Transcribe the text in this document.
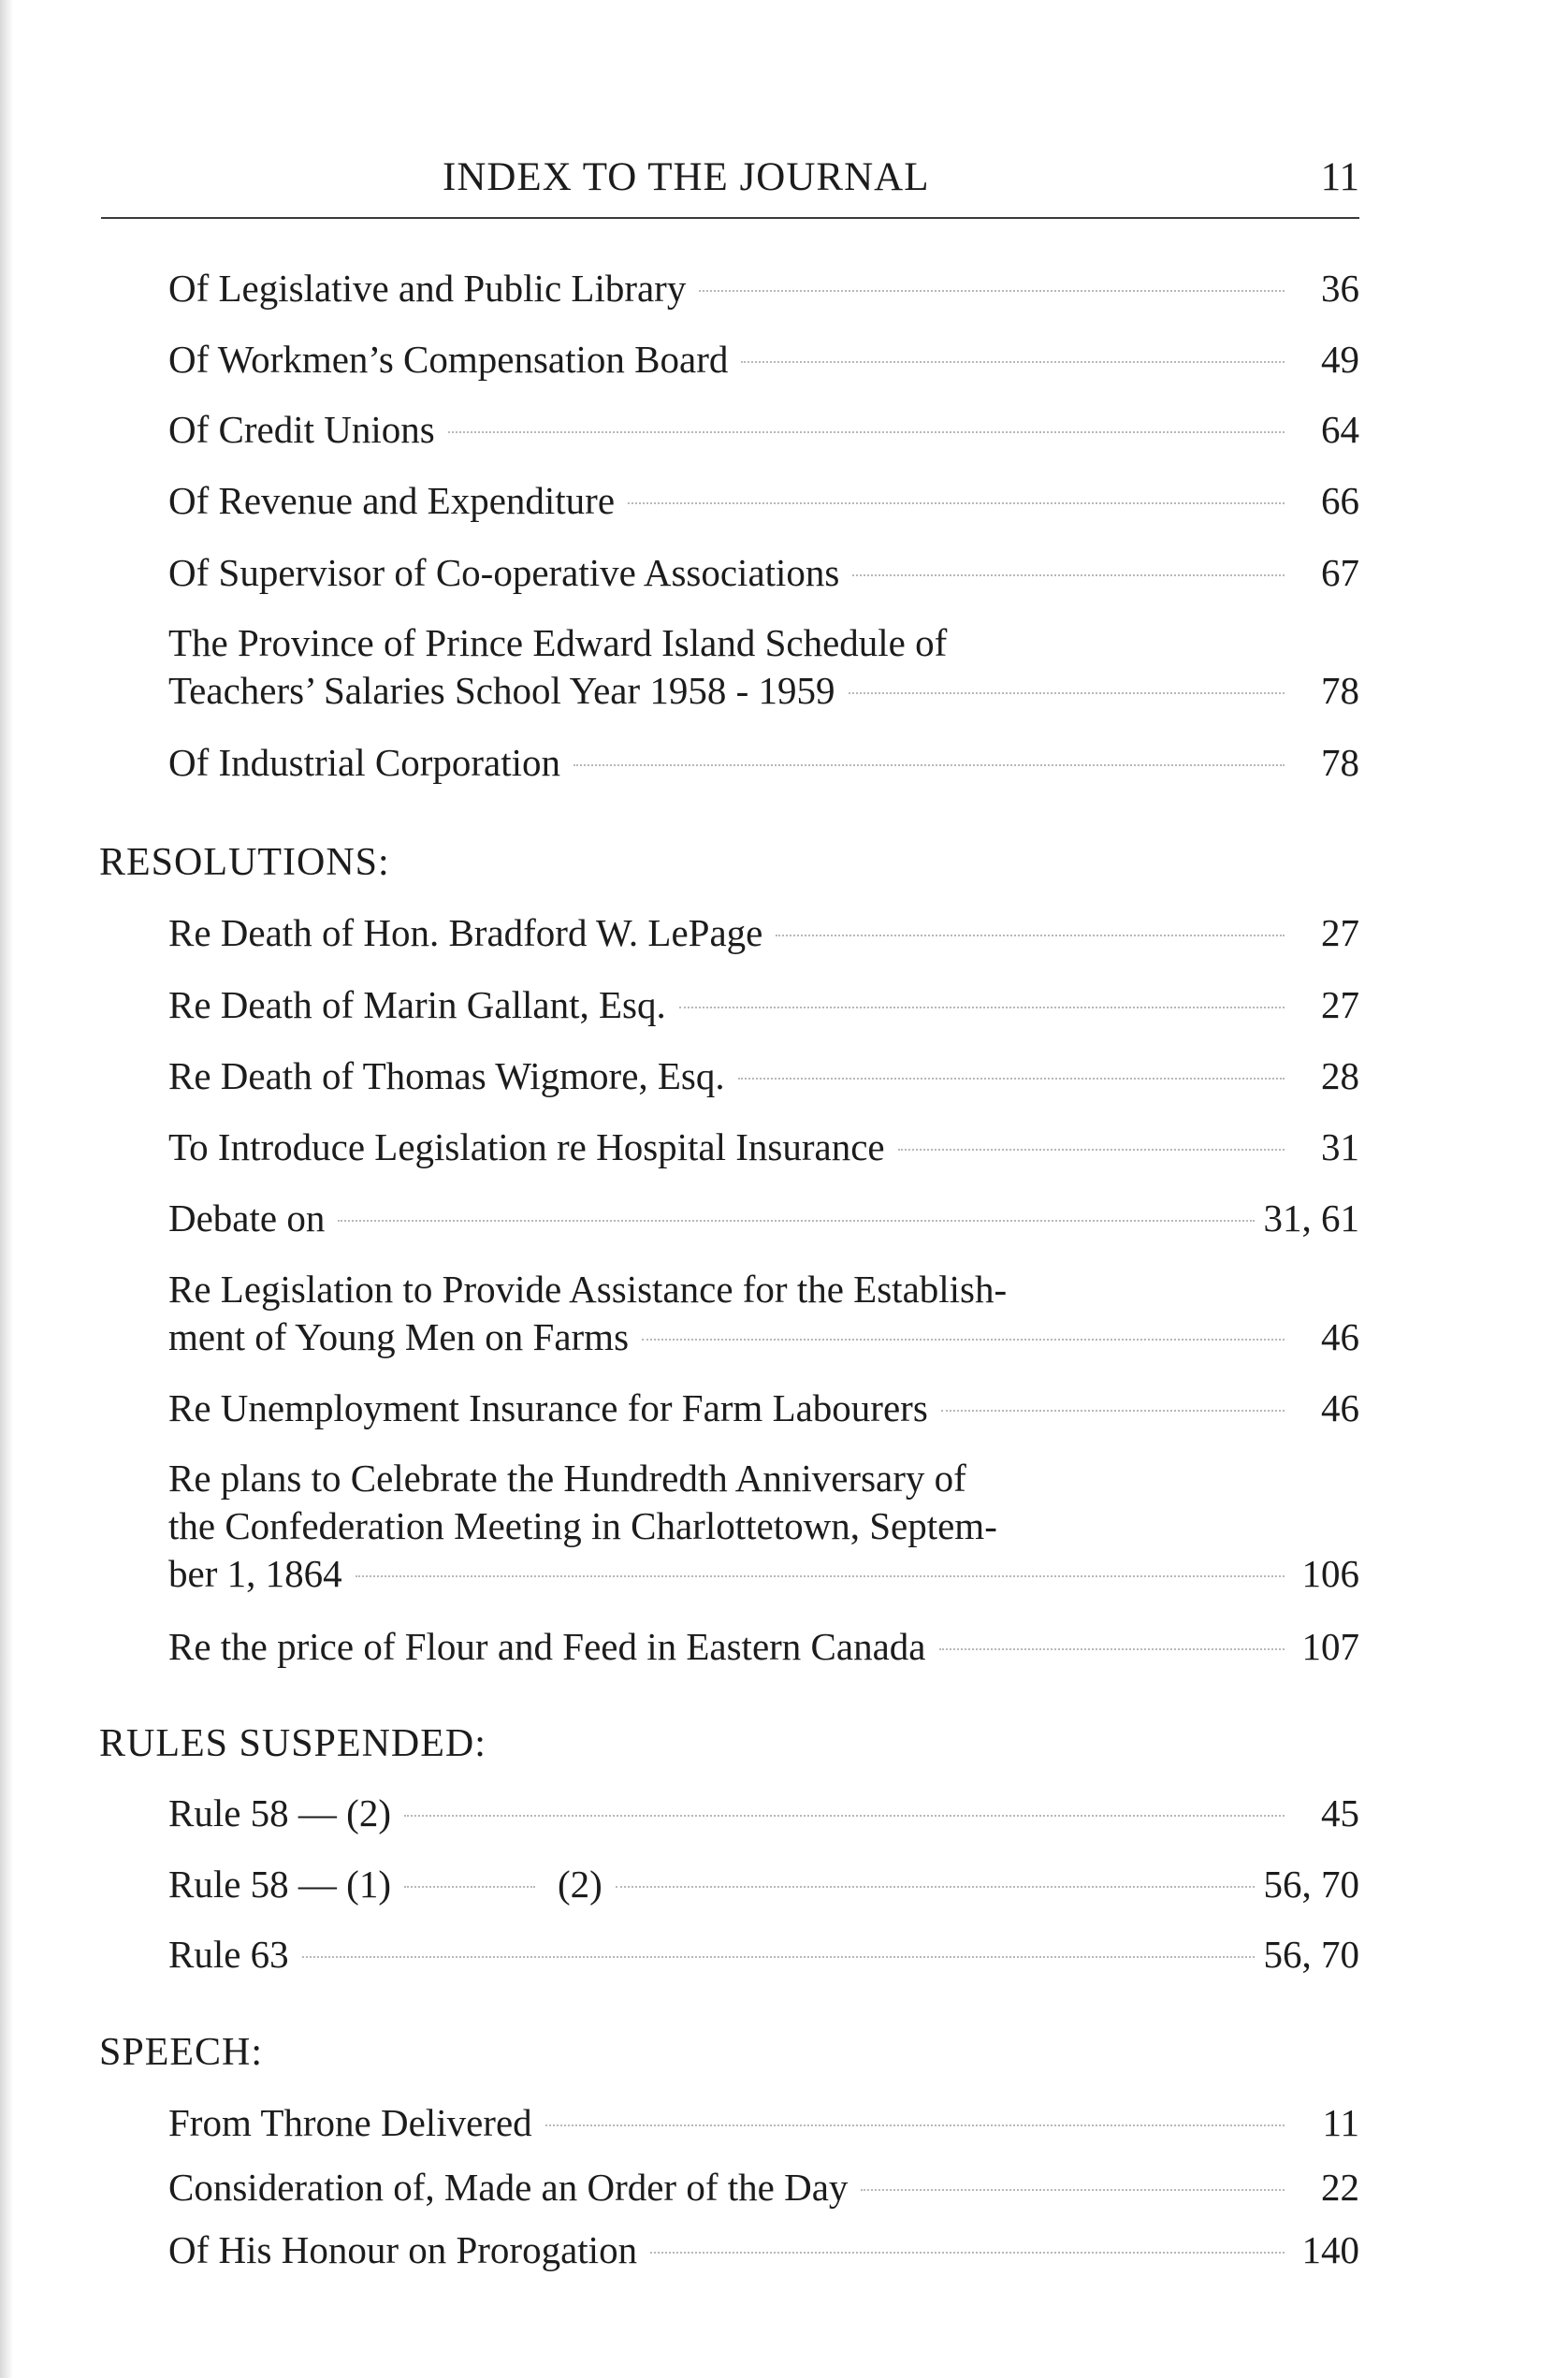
INDEX TO THE JOURNAL	11
Of Legislative and Public Library	36
Of Workmen’s Compensation Board	49
Of Credit Unions	64
Of Revenue and Expenditure	66
Of Supervisor of Co-operative Associations	67
The Province of Prince Edward Island Schedule of
Teachers’ Salaries School Year 1958 - 1959	78
Of Industrial Corporation	78
RESOLUTIONS:
Re Death of Hon. Bradford W. LePage	27
Re Death of Marin Gallant, Esq.	27
Re Death of Thomas Wigmore, Esq.	28
To Introduce Legislation re Hospital Insurance	31
Debate on	31, 61
Re Legislation to Provide Assistance for the Establish-
ment of Young Men on Farms	46
Re Unemployment Insurance for Farm Labourers	46
Re plans to Celebrate the Hundredth Anniversary of
the Confederation Meeting in Charlottetown, Septem-
ber 1, 1864	106
Re the price of Flour and Feed in Eastern Canada	107
RULES SUSPENDED:
Rule 58 — (2)	45
Rule 58 — (1)	(2)	56, 70
Rule 63	56, 70
SPEECH:
From Throne Delivered	11
Consideration of, Made an Order of the Day	22
Of His Honour on Prorogation	140
